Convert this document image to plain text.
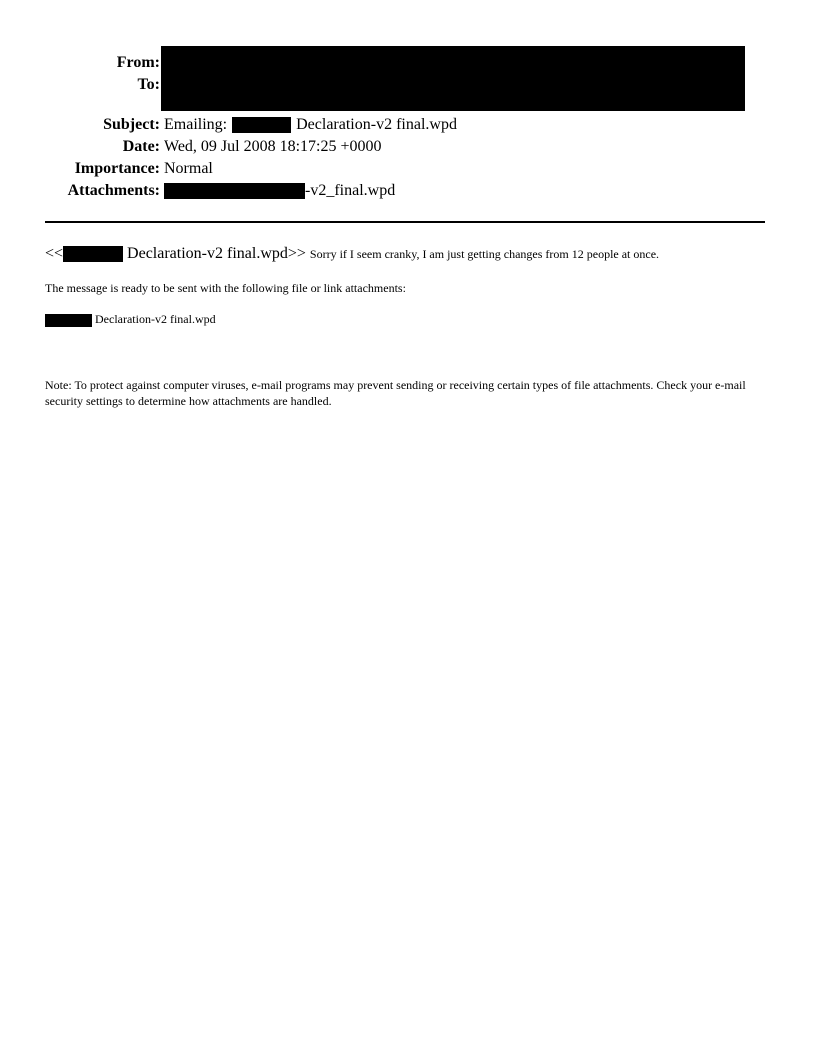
From:
To:
Subject: Emailing:	Declaration-v2 final.wpd
Date: Wed, 09 Jul 2008 18:17:25 +0000
Importance: Normal
Attachments:	-v2_final.wpd
<<	Declaration-v2 final.wpd>> Sorry if I seem cranky, I am just getting changes from 12 people at once.
The message is ready to be sent with the following file or link attachments:
Declaration-v2 final.wpd
Note: To protect against computer viruses, e-mail programs may prevent sending or receiving certain types of file attachments. Check your e-mail security settings to determine how attachments are handled.
